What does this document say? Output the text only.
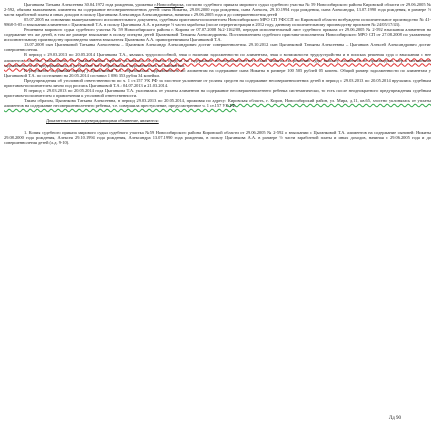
Цыганкова Татьяна Алексеевна 30.04.1972 года рождения, уроженка г.Новосибирска, согласно судебного приказа мирового судьи судебного участка № 59 Новосибирского района Кировской области от 29.06.2005 № 2-592, обязана выплачивать алименты на содержание несовершеннолетних детей: сына Никиты, 29.08.2000 года рождения, сына Алексея, 29.10.1994 года рождения, сына Александра, 13.07.1990 года рождения, в размере ½ части заработной платы и иных доходов в пользу Цыганкова Александра Александровича, начиная с 29.06.2005 года и до совершеннолетия детей

05.07.2005 на основании вышеуказанного исполнительного документа, судебным приставом-исполнителем Новосибирского МРО СП УФССП по Кировской области возбуждено исполнительное производство № 41-9868-5-05 о взыскании алиментов с Цыганковой Т.А. в пользу Цыганкова А.А. в размере ½ части заработка (после перерегистрации в 2012 году, данному исполнительному производству присвоен № 24/05/17/43).

Решением мирового судьи судебного участка № 59 Новосибирского района г. Кирова от 07.07.2008 №2-1162/08, передан исполнительный лист судебного приказа от 29.06.2005 № 2-592 взыскания алиментов на содержание тех же детей, в том же размере взыскание в пользу опекуна детей Цыганковой Татьяны Александровны. Постановлением судебного пристава-исполнителя Новосибирского МРО СП от 27.08.2008 по указанному исполнительному производству произведена замена взыскателя Цыганкова А.А. правопреемником Цыганковой Т.А.

13.07.2008 сын Цыганковой Татьяны Алексеевны – Цыганков Александр Александрович достиг совершеннолетия. 29.10.2012 сын Цыганковой Татьяны Алексеевны – Цыганков Алексей Александрович достиг совершеннолетия.

В период с 29.03.2013 по 20.05.2014 Цыганкова Т.А., являясь трудоспособной, зная о наличии задолженности по алиментам, зная о возможности трудоустройства и в поисках решения суда о взыскании с нее алиментов, злостно, умышленно, без уважительных причин уклонялась от уплаты средств на содержание несовершеннолетнего сына Никиты по решению суда, выплату алиментов не производила, мер к погашению задолженности не предпринимала, в результате чего образовалась задолженность по алиментам.

В результате за данный период у Цыганковой Т.А. образовалась задолженность по алиментам на содержание сына Никиты в размере 100 505 рублей 05 копеек. Общий размер задолженности по алиментам у Цыганковой Т.А. по состоянию на 20.05.2014 составил 1 086 353 рубля 34 копейки.

Предупреждения об уголовной ответственности по ч. 1 ст.157 УК РФ за злостное уклонение от уплаты средств на содержание несовершеннолетних детей в период с 29.03.2013 по 20.05.2014 вручались судебным приставом-исполнителем лично под роспись Цыганковой Т.А.: 04.07.2013 и 21.03.2014.

В период с 29.03.2013 по 20.05.2014 года Цыганкова Т.А. уклонилась от уплаты алиментов на содержание несовершеннолетнего ребенка систематически, то есть после неоднократного предупреждения судебным приставом-исполнителем о привлечении к уголовной ответственности.

Таким образом, Цыганкова Татьяна Алексеевна, в период 29.03.2013 по 20.05.2014, проживая по адресу: Кировская область, г. Киров, Новосибирский район, ул. Мира, д.11, кв.65, злостно уклонялась от уплаты алиментов на содержание несовершеннолетнего ребенка, т.е. совершила преступление, предусмотренное ч. 1 ст.157 УК РФ.

Доказательствами подтверждающими обвинение, являются:

1. Копия судебного приказа мирового судьи судебного участка №59 Новосибирского района Кировской области от 29.06.2005 № 2-592 о взыскании с Цыганковой Т.А. алиментов на содержание сыновей: Никиты 29.08.2000 года рождения, Алексея 29.10.1994 года рождения, Александра 13.07.1990 года рождения, в пользу Цыганкова А.А. в размере ½ части заработной платы и иных доходов, начиная с 29.06.2005 года и до совершеннолетия детей (л.д. 9-10).

Лд 90
